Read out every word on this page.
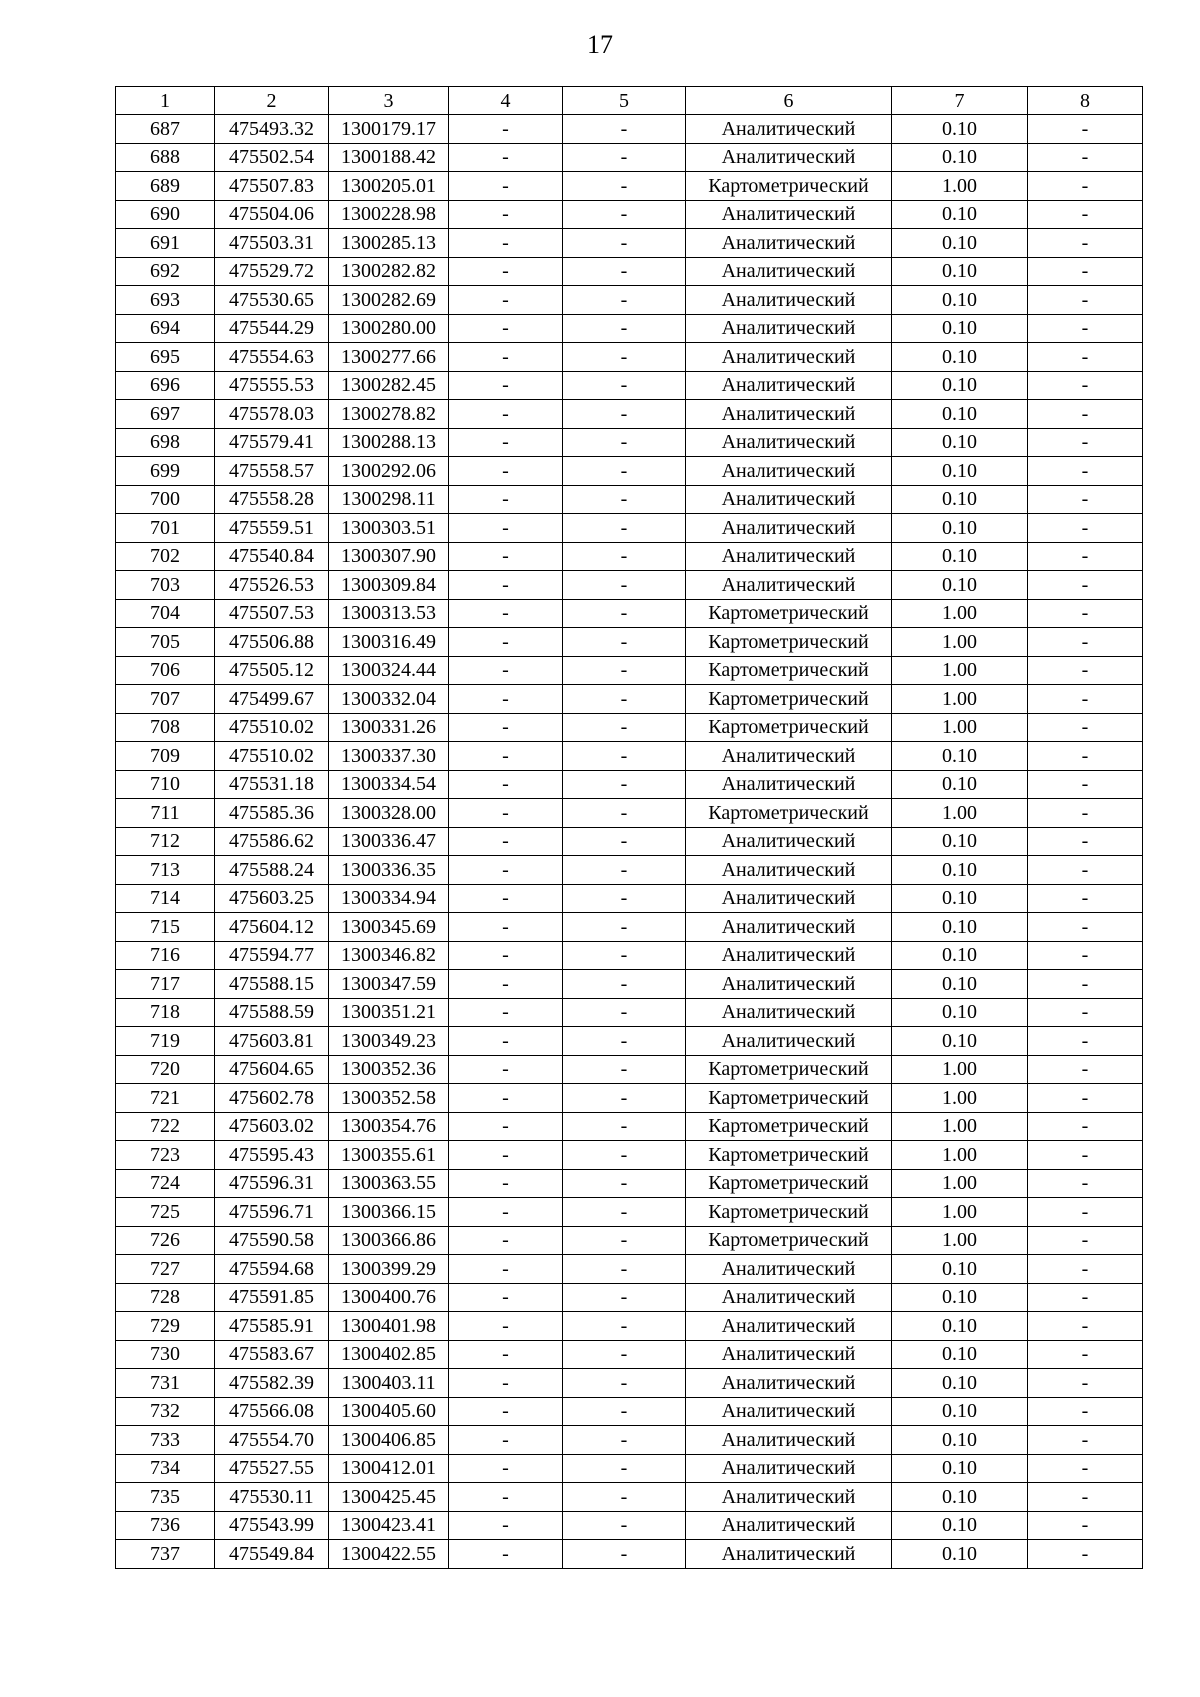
17
1	2	3	4	5	6	7	8
687	475493.32	1300179.17	-	-	Аналитический	0.10	-
688	475502.54	1300188.42	-	-	Аналитический	0.10	-
689	475507.83	1300205.01	-	-	Картометрический	1.00	-
690	475504.06	1300228.98	-	-	Аналитический	0.10	-
691	475503.31	1300285.13	-	-	Аналитический	0.10	-
692	475529.72	1300282.82	-	-	Аналитический	0.10	-
693	475530.65	1300282.69	-	-	Аналитический	0.10	-
694	475544.29	1300280.00	-	-	Аналитический	0.10	-
695	475554.63	1300277.66	-	-	Аналитический	0.10	-
696	475555.53	1300282.45	-	-	Аналитический	0.10	-
697	475578.03	1300278.82	-	-	Аналитический	0.10	-
698	475579.41	1300288.13	-	-	Аналитический	0.10	-
699	475558.57	1300292.06	-	-	Аналитический	0.10	-
700	475558.28	1300298.11	-	-	Аналитический	0.10	-
701	475559.51	1300303.51	-	-	Аналитический	0.10	-
702	475540.84	1300307.90	-	-	Аналитический	0.10	-
703	475526.53	1300309.84	-	-	Аналитический	0.10	-
704	475507.53	1300313.53	-	-	Картометрический	1.00	-
705	475506.88	1300316.49	-	-	Картометрический	1.00	-
706	475505.12	1300324.44	-	-	Картометрический	1.00	-
707	475499.67	1300332.04	-	-	Картометрический	1.00	-
708	475510.02	1300331.26	-	-	Картометрический	1.00	-
709	475510.02	1300337.30	-	-	Аналитический	0.10	-
710	475531.18	1300334.54	-	-	Аналитический	0.10	-
711	475585.36	1300328.00	-	-	Картометрический	1.00	-
712	475586.62	1300336.47	-	-	Аналитический	0.10	-
713	475588.24	1300336.35	-	-	Аналитический	0.10	-
714	475603.25	1300334.94	-	-	Аналитический	0.10	-
715	475604.12	1300345.69	-	-	Аналитический	0.10	-
716	475594.77	1300346.82	-	-	Аналитический	0.10	-
717	475588.15	1300347.59	-	-	Аналитический	0.10	-
718	475588.59	1300351.21	-	-	Аналитический	0.10	-
719	475603.81	1300349.23	-	-	Аналитический	0.10	-
720	475604.65	1300352.36	-	-	Картометрический	1.00	-
721	475602.78	1300352.58	-	-	Картометрический	1.00	-
722	475603.02	1300354.76	-	-	Картометрический	1.00	-
723	475595.43	1300355.61	-	-	Картометрический	1.00	-
724	475596.31	1300363.55	-	-	Картометрический	1.00	-
725	475596.71	1300366.15	-	-	Картометрический	1.00	-
726	475590.58	1300366.86	-	-	Картометрический	1.00	-
727	475594.68	1300399.29	-	-	Аналитический	0.10	-
728	475591.85	1300400.76	-	-	Аналитический	0.10	-
729	475585.91	1300401.98	-	-	Аналитический	0.10	-
730	475583.67	1300402.85	-	-	Аналитический	0.10	-
731	475582.39	1300403.11	-	-	Аналитический	0.10	-
732	475566.08	1300405.60	-	-	Аналитический	0.10	-
733	475554.70	1300406.85	-	-	Аналитический	0.10	-
734	475527.55	1300412.01	-	-	Аналитический	0.10	-
735	475530.11	1300425.45	-	-	Аналитический	0.10	-
736	475543.99	1300423.41	-	-	Аналитический	0.10	-
737	475549.84	1300422.55	-	-	Аналитический	0.10	-
